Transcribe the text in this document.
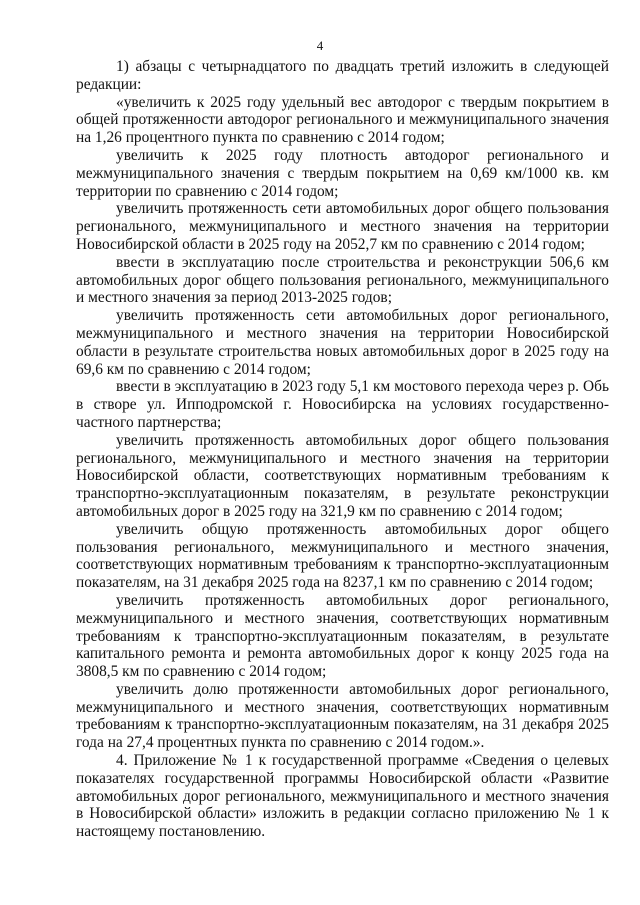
4

1) абзацы с четырнадцатого по двадцать третий изложить в следующей редакции:

«увеличить к 2025 году удельный вес автодорог с твердым покрытием в общей протяженности автодорог регионального и межмуниципального значения на 1,26 процентного пункта по сравнению с 2014 годом;

увеличить к 2025 году плотность автодорог регионального и межмуниципального значения с твердым покрытием на 0,69 км/1000 кв. км территории по сравнению с 2014 годом;

увеличить протяженность сети автомобильных дорог общего пользования регионального, межмуниципального и местного значения на территории Новосибирской области в 2025 году на 2052,7 км по сравнению с 2014 годом;

ввести в эксплуатацию после строительства и реконструкции 506,6 км автомобильных дорог общего пользования регионального, межмуниципального и местного значения за период 2013-2025 годов;

увеличить протяженность сети автомобильных дорог регионального, межмуниципального и местного значения на территории Новосибирской области в результате строительства новых автомобильных дорог в 2025 году на 69,6 км по сравнению с 2014 годом;

ввести в эксплуатацию в 2023 году 5,1 км мостового перехода через р. Обь в створе ул. Ипподромской г. Новосибирска на условиях государственно-частного партнерства;

увеличить протяженность автомобильных дорог общего пользования регионального, межмуниципального и местного значения на территории Новосибирской области, соответствующих нормативным требованиям к транспортно-эксплуатационным показателям, в результате реконструкции автомобильных дорог в 2025 году на 321,9 км по сравнению с 2014 годом;

увеличить общую протяженность автомобильных дорог общего пользования регионального, межмуниципального и местного значения, соответствующих нормативным требованиям к транспортно-эксплуатационным показателям, на 31 декабря 2025 года на 8237,1 км по сравнению с 2014 годом;

увеличить протяженность автомобильных дорог регионального, межмуниципального и местного значения, соответствующих нормативным требованиям к транспортно-эксплуатационным показателям, в результате капитального ремонта и ремонта автомобильных дорог к концу 2025 года на 3808,5 км по сравнению с 2014 годом;

увеличить долю протяженности автомобильных дорог регионального, межмуниципального и местного значения, соответствующих нормативным требованиям к транспортно-эксплуатационным показателям, на 31 декабря 2025 года на 27,4 процентных пункта по сравнению с 2014 годом.».

4. Приложение № 1 к государственной программе «Сведения о целевых показателях государственной программы Новосибирской области «Развитие автомобильных дорог регионального, межмуниципального и местного значения в Новосибирской области» изложить в редакции согласно приложению № 1 к настоящему постановлению.
